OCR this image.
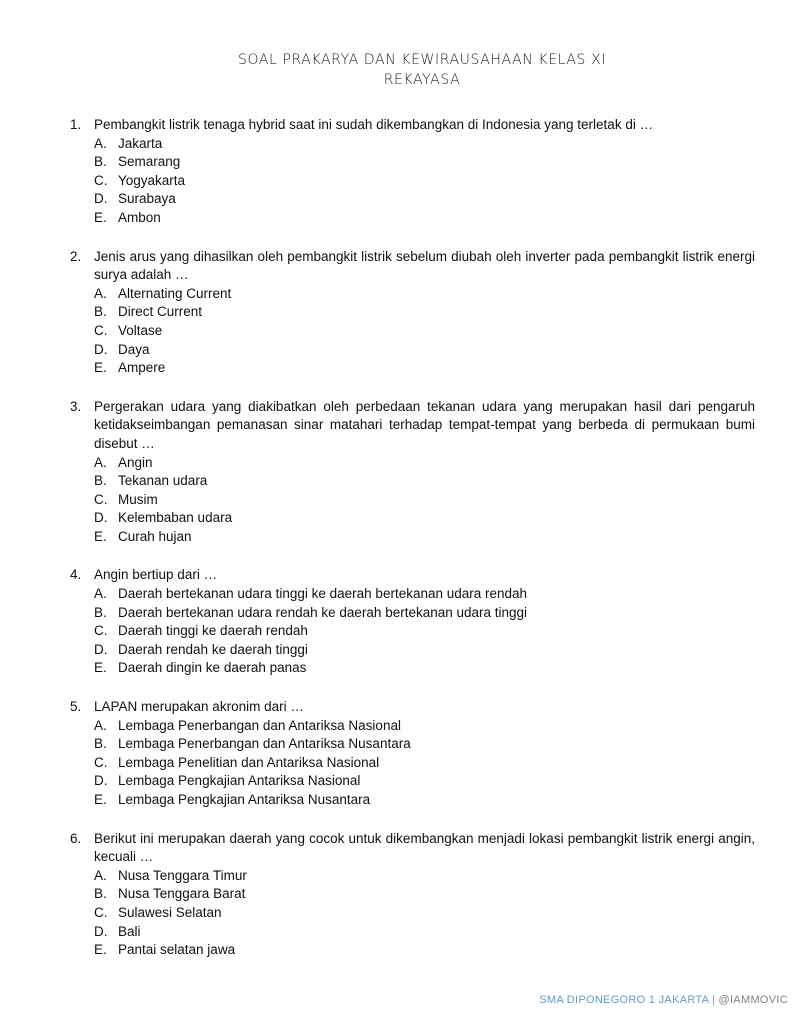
SOAL PRAKARYA DAN KEWIRAUSAHAAN KELAS XI
REKAYASA
1. Pembangkit listrik tenaga hybrid saat ini sudah dikembangkan di Indonesia yang terletak di …
A. Jakarta
B. Semarang
C. Yogyakarta
D. Surabaya
E. Ambon
2. Jenis arus yang dihasilkan oleh pembangkit listrik sebelum diubah oleh inverter pada pembangkit listrik energi surya adalah …
A. Alternating Current
B. Direct Current
C. Voltase
D. Daya
E. Ampere
3. Pergerakan udara yang diakibatkan oleh perbedaan tekanan udara yang merupakan hasil dari pengaruh ketidakseimbangan pemanasan sinar matahari terhadap tempat-tempat yang berbeda di permukaan bumi disebut …
A. Angin
B. Tekanan udara
C. Musim
D. Kelembaban udara
E. Curah hujan
4. Angin bertiup dari …
A. Daerah bertekanan udara tinggi ke daerah bertekanan udara rendah
B. Daerah bertekanan udara rendah ke daerah bertekanan udara tinggi
C. Daerah tinggi ke daerah rendah
D. Daerah rendah ke daerah tinggi
E. Daerah dingin ke daerah panas
5. LAPAN merupakan akronim dari …
A. Lembaga Penerbangan dan Antariksa Nasional
B. Lembaga Penerbangan dan Antariksa Nusantara
C. Lembaga Penelitian dan Antariksa Nasional
D. Lembaga Pengkajian Antariksa Nasional
E. Lembaga Pengkajian Antariksa Nusantara
6. Berikut ini merupakan daerah yang cocok untuk dikembangkan menjadi lokasi pembangkit listrik energi angin, kecuali …
A. Nusa Tenggara Timur
B. Nusa Tenggara Barat
C. Sulawesi Selatan
D. Bali
E. Pantai selatan jawa
SMA DIPONEGORO 1 JAKARTA | @IAMMOVIC
